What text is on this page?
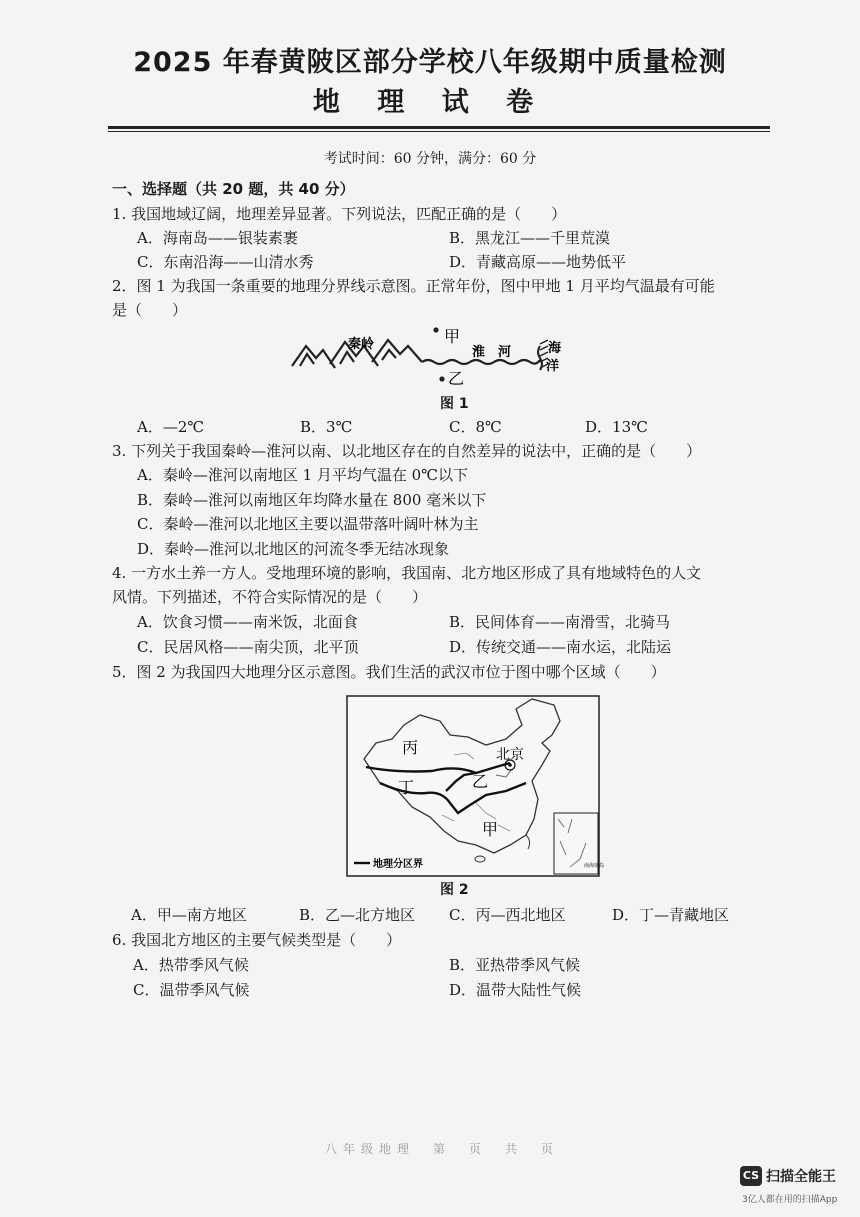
2025 年春黄陂区部分学校八年级期中质量检测
地 理 试 卷
考试时间：60 分钟，满分：60 分
一、选择题（共 20 题，共 40 分）
1. 我国地域辽阔，地理差异显著。下列说法，匹配正确的是（　　）
A．海南岛——银装素裹	B．黑龙江——千里荒漠
C．东南沿海——山清水秀	D．青藏高原——地势低平
2．图 1 为我国一条重要的地理分界线示意图。正常年份，图中甲地 1 月平均气温最有可能
是（　　）
秦岭	甲
乙
淮　河	海
洋
图 1
A．—2℃	B．3℃	C．8℃	D．13℃
3. 下列关于我国秦岭—淮河以南、以北地区存在的自然差异的说法中，正确的是（　　）
A．秦岭—淮河以南地区 1 月平均气温在 0℃以下
B．秦岭—淮河以南地区年均降水量在 800 毫米以下
C．秦岭—淮河以北地区主要以温带落叶阔叶林为主
D．秦岭—淮河以北地区的河流冬季无结冰现象
4. 一方水土养一方人。受地理环境的影响，我国南、北方地区形成了具有地域特色的人文
风情。下列描述，不符合实际情况的是（　　）
A．饮食习惯——南米饭，北面食	B．民间体育——南滑雪，北骑马
C．民居风格——南尖顶，北平顶	D．传统交通——南水运，北陆运
5．图 2 为我国四大地理分区示意图。我们生活的武汉市位于图中哪个区域（　　）
丙
丁	乙
甲
北京
南海诸岛
地理分区界
图 2
A．甲—南方地区	B．乙—北方地区 C．丙—西北地区	D．丁—青藏地区
6. 我国北方地区的主要气候类型是（　　）
A．热带季风气候	B．亚热带季风气候
C．温带季风气候	D．温带大陆性气候
八年级地理　第　页　共　页
CS 扫描全能王
3亿人都在用的扫描App
